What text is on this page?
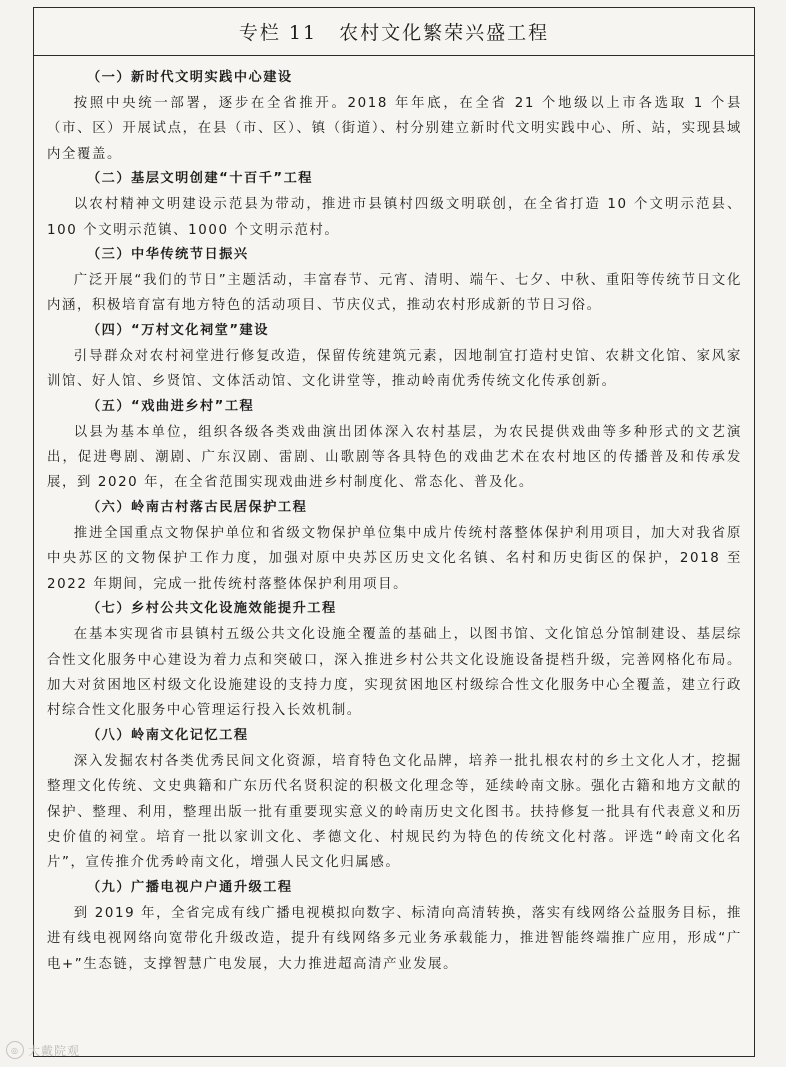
专栏 11 农村文化繁荣兴盛工程
（一）新时代文明实践中心建设

按照中央统一部署，逐步在全省推开。2018 年年底，在全省 21 个地级以上市各选取 1 个县（市、区）开展试点，在县（市、区）、镇（街道）、村分别建立新时代文明实践中心、所、站，实现县域内全覆盖。

（二）基层文明创建“十百千”工程

以农村精神文明建设示范县为带动，推进市县镇村四级文明联创，在全省打造 10 个文明示范县、100 个文明示范镇、1000 个文明示范村。

（三）中华传统节日振兴

广泛开展“我们的节日”主题活动，丰富春节、元宵、清明、端午、七夕、中秋、重阳等传统节日文化内涵，积极培育富有地方特色的活动项目、节庆仪式，推动农村形成新的节日习俗。

（四）“万村文化祠堂”建设

引导群众对农村祠堂进行修复改造，保留传统建筑元素，因地制宜打造村史馆、农耕文化馆、家风家训馆、好人馆、乡贤馆、文体活动馆、文化讲堂等，推动岭南优秀传统文化传承创新。

（五）“戏曲进乡村”工程

以县为基本单位，组织各级各类戏曲演出团体深入农村基层，为农民提供戏曲等多种形式的文艺演出，促进粤剧、潮剧、广东汉剧、雷剧、山歌剧等各具特色的戏曲艺术在农村地区的传播普及和传承发展，到 2020 年，在全省范围实现戏曲进乡村制度化、常态化、普及化。

（六）岭南古村落古民居保护工程

推进全国重点文物保护单位和省级文物保护单位集中成片传统村落整体保护利用项目，加大对我省原中央苏区的文物保护工作力度，加强对原中央苏区历史文化名镇、名村和历史街区的保护，2018 至 2022 年期间，完成一批传统村落整体保护利用项目。

（七）乡村公共文化设施效能提升工程

在基本实现省市县镇村五级公共文化设施全覆盖的基础上，以图书馆、文化馆总分馆制建设、基层综合性文化服务中心建设为着力点和突破口，深入推进乡村公共文化设施设备提档升级，完善网格化布局。加大对贫困地区村级文化设施建设的支持力度，实现贫困地区村级综合性文化服务中心全覆盖，建立行政村综合性文化服务中心管理运行投入长效机制。

（八）岭南文化记忆工程

深入发掘农村各类优秀民间文化资源，培育特色文化品牌，培养一批扎根农村的乡土文化人才，挖掘整理文化传统、文史典籍和广东历代名贤积淀的积极文化理念等，延续岭南文脉。强化古籍和地方文献的保护、整理、利用，整理出版一批有重要现实意义的岭南历史文化图书。扶持修复一批具有代表意义和历史价值的祠堂。培育一批以家训文化、孝德文化、村规民约为特色的传统文化村落。评选“岭南文化名片”，宣传推介优秀岭南文化，增强人民文化归属感。

（九）广播电视户户通升级工程

到 2019 年，全省完成有线广播电视模拟向数字、标清向高清转换，落实有线网络公益服务目标，推进有线电视网络向宽带化升级改造，提升有线网络多元业务承载能力，推进智能终端推广应用，形成“广电+”生态链，支撑智慧广电发展，大力推进超高清产业发展。

◎ 大戴院观
